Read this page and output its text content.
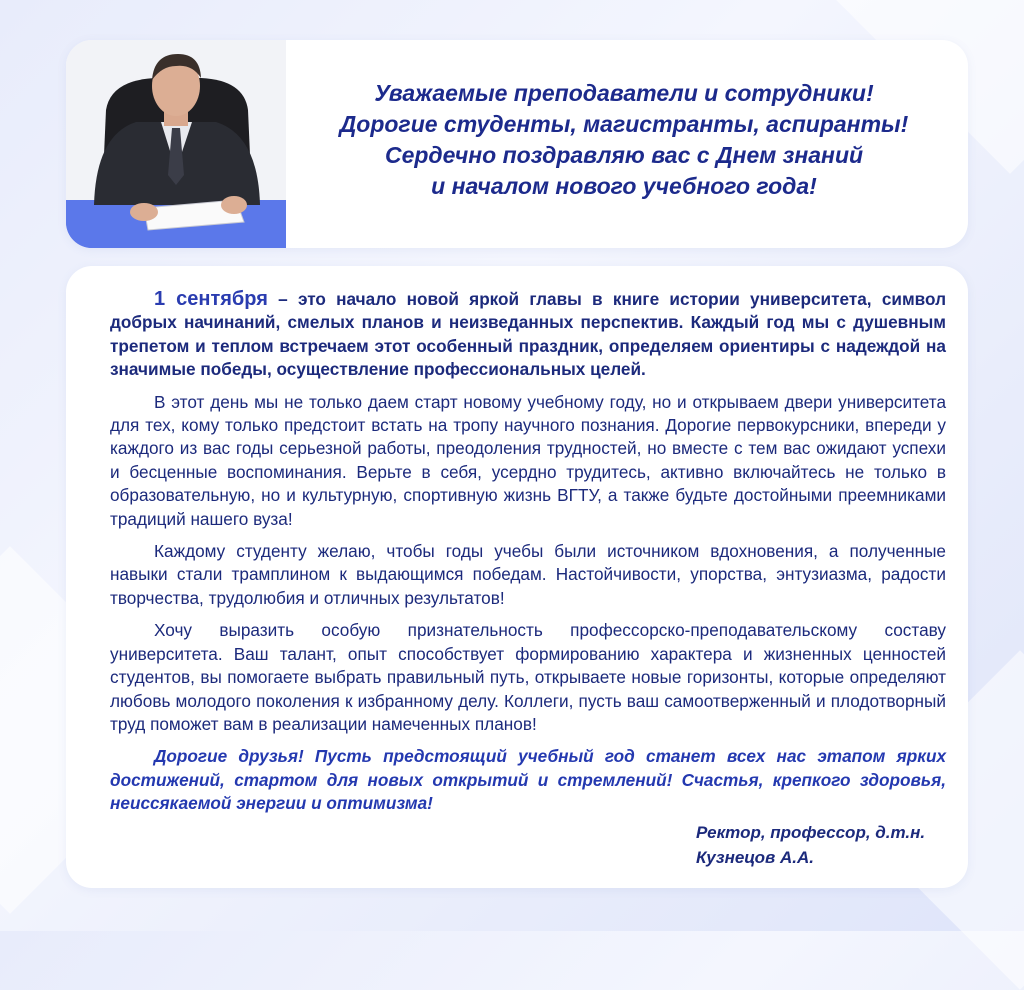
Уважаемые преподаватели и сотрудники!
Дорогие студенты, магистранты, аспиранты!
Сердечно поздравляю вас с Днем знаний
и началом нового учебного года!

1 сентября – это начало новой яркой главы в книге истории университета, символ добрых начинаний, смелых планов и неизведанных перспектив. Каждый год мы с душевным трепетом и теплом встречаем этот особенный праздник, определяем ориентиры с надеждой на значимые победы, осуществление профессиональных целей.

В этот день мы не только даем старт новому учебному году, но и открываем двери университета для тех, кому только предстоит встать на тропу научного познания. Дорогие первокурсники, впереди у каждого из вас годы серьезной работы, преодоления трудностей, но вместе с тем вас ожидают успехи и бесценные воспоминания. Верьте в себя, усердно трудитесь, активно включайтесь не только в образовательную, но и культурную, спортивную жизнь ВГТУ, а также будьте достойными преемниками традиций нашего вуза!

Каждому студенту желаю, чтобы годы учебы были источником вдохновения, а полученные навыки стали трамплином к выдающимся победам. Настойчивости, упорства, энтузиазма, радости творчества, трудолюбия и отличных результатов!

Хочу выразить особую признательность профессорско-преподавательскому составу университета. Ваш талант, опыт способствует формированию характера и жизненных ценностей студентов, вы помогаете выбрать правильный путь, открываете новые горизонты, которые определяют любовь молодого поколения к избранному делу. Коллеги, пусть ваш самоотверженный и плодотворный труд поможет вам в реализации намеченных планов!

Дорогие друзья! Пусть предстоящий учебный год станет всех нас этапом ярких достижений, стартом для новых открытий и стремлений! Счастья, крепкого здоровья, неиссякаемой энергии и оптимизма!

Ректор, профессор, д.т.н.
Кузнецов А.А.
